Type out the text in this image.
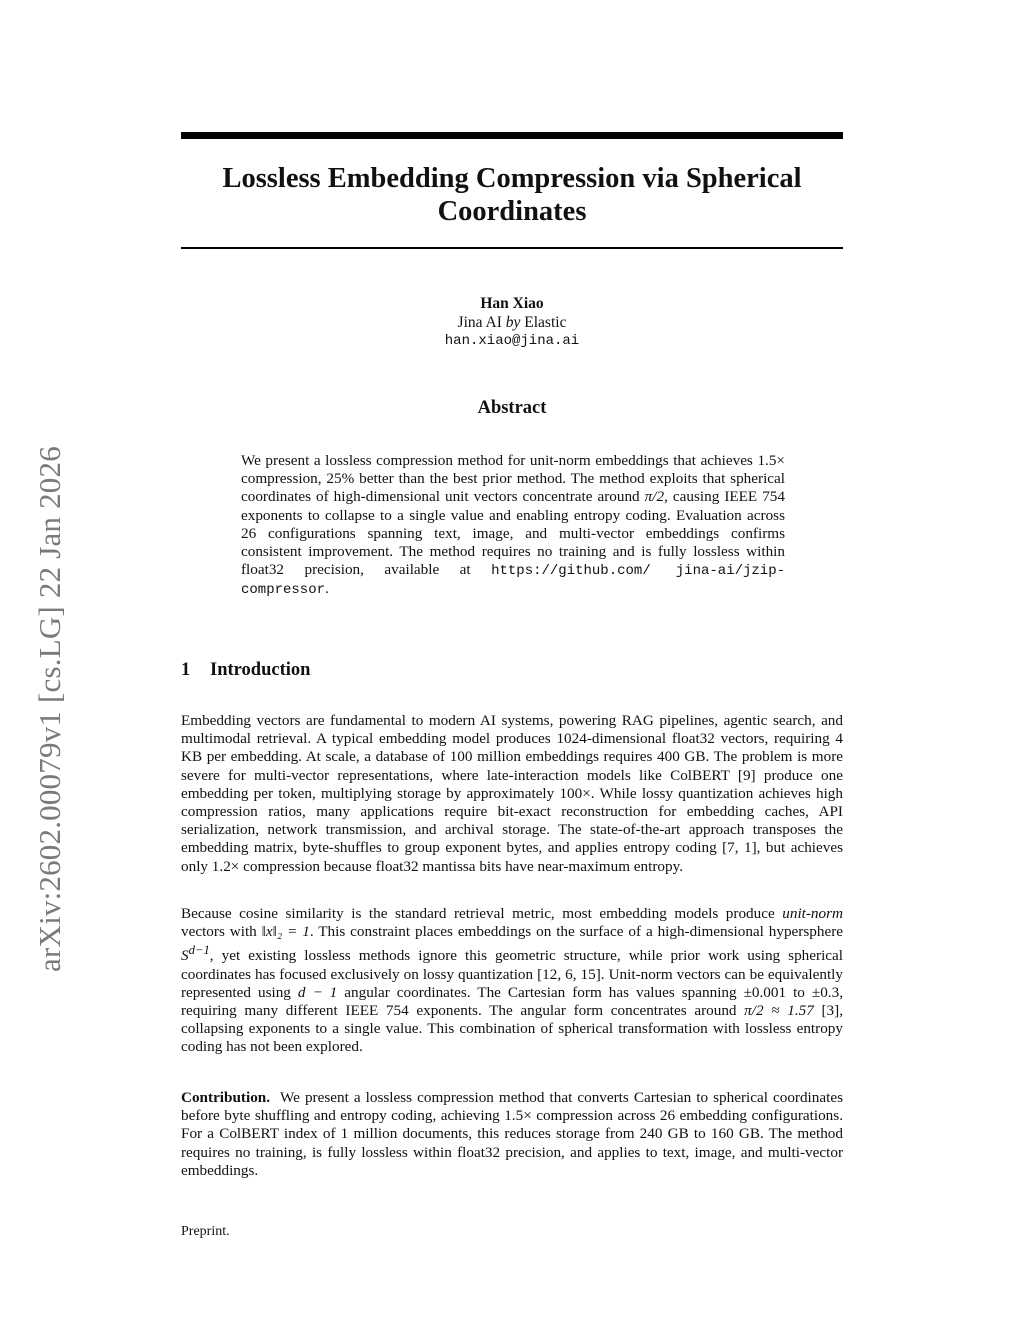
arXiv:2602.00079v1 [cs.LG] 22 Jan 2026
Lossless Embedding Compression via Spherical Coordinates
Han Xiao
Jina AI by Elastic
han.xiao@jina.ai
Abstract

We present a lossless compression method for unit-norm embeddings that achieves 1.5× compression, 25% better than the best prior method. The method exploits that spherical coordinates of high-dimensional unit vectors concentrate around π/2, causing IEEE 754 exponents to collapse to a single value and enabling entropy coding. Evaluation across 26 configurations spanning text, image, and multi-vector embeddings confirms consistent improvement. The method requires no training and is fully lossless within float32 precision, available at https://github.com/ jina-ai/jzip-compressor.

1 Introduction

Embedding vectors are fundamental to modern AI systems, powering RAG pipelines, agentic search, and multimodal retrieval. A typical embedding model produces 1024-dimensional float32 vectors, requiring 4 KB per embedding. At scale, a database of 100 million embeddings requires 400 GB. The problem is more severe for multi-vector representations, where late-interaction models like ColBERT [9] produce one embedding per token, multiplying storage by approximately 100×. While lossy quantization achieves high compression ratios, many applications require bit-exact reconstruction for embedding caches, API serialization, network transmission, and archival storage. The state-of-the-art approach transposes the embedding matrix, byte-shuffles to group exponent bytes, and applies entropy coding [7, 1], but achieves only 1.2× compression because float32 mantissa bits have near-maximum entropy.

Because cosine similarity is the standard retrieval metric, most embedding models produce unit-norm vectors with ‖x‖₂ = 1. This constraint places embeddings on the surface of a high-dimensional hypersphere $S^{d-1}$, yet existing lossless methods ignore this geometric structure, while prior work using spherical coordinates has focused exclusively on lossy quantization [12, 6, 15]. Unit-norm vectors can be equivalently represented using d − 1 angular coordinates. The Cartesian form has values spanning ±0.001 to ±0.3, requiring many different IEEE 754 exponents. The angular form concentrates around π/2 ≈ 1.57 [3], collapsing exponents to a single value. This combination of spherical transformation with lossless entropy coding has not been explored.

Contribution. We present a lossless compression method that converts Cartesian to spherical coordinates before byte shuffling and entropy coding, achieving 1.5× compression across 26 embedding configurations. For a ColBERT index of 1 million documents, this reduces storage from 240 GB to 160 GB. The method requires no training, is fully lossless within float32 precision, and applies to text, image, and multi-vector embeddings.

Preprint.
